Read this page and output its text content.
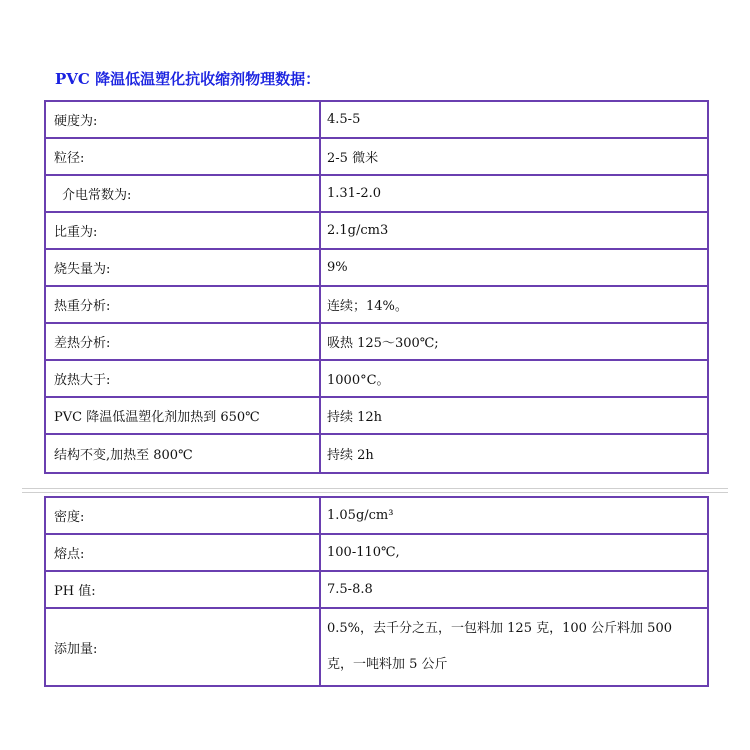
PVC 降温低温塑化抗收缩剂物理数据：
硬度为:	4.5-5
粒径:	2-5 微米
介电常数为:	1.31-2.0
比重为:	2.1g/cm3
烧失量为:	9%
热重分析:	连续；14%。
差热分析:	吸热 125～300℃;
放热大于:	1000°C。
PVC 降温低温塑化剂加热到 650℃	持续 12h
结构不变,加热至 800℃	持续 2h
密度:	1.05g/cm³
熔点:	100-110℃,
PH 值:	7.5-8.8
添加量:
0.5%，去千分之五，一包料加 125 克，100 公斤料加 500 克，一吨料加 5 公斤
